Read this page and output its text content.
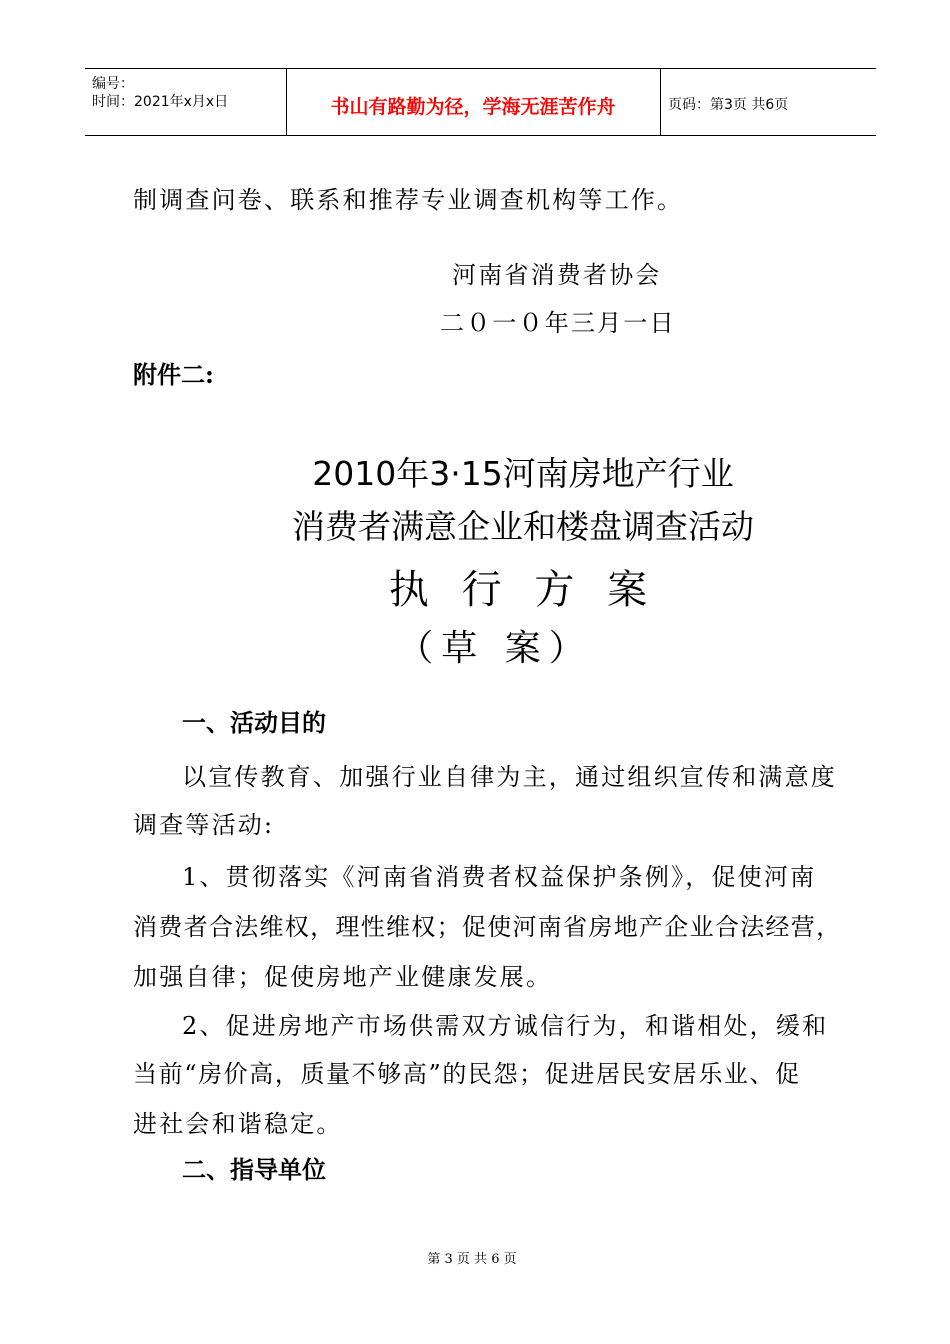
编号：
时间：2021年x月x日	书山有路勤为径，学海无涯苦作舟	页码：第3页 共6页
制调查问卷、联系和推荐专业调查机构等工作。
河南省消费者协会
二０一０年三月一日
附件二:
2010年3·15河南房地产行业
消费者满意企业和楼盘调查活动
执 行 方 案
（草 案）
一、活动目的
以宣传教育、加强行业自律为主，通过组织宣传和满意度
调查等活动:
1、贯彻落实《河南省消费者权益保护条例》，促使河南
消费者合法维权，理性维权；促使河南省房地产企业合法经营，
加强自律；促使房地产业健康发展。
2、促进房地产市场供需双方诚信行为，和谐相处，缓和
当前“房价高，质量不够高”的民怨；促进居民安居乐业、促
进社会和谐稳定。
二、指导单位
第 3 页 共 6 页
